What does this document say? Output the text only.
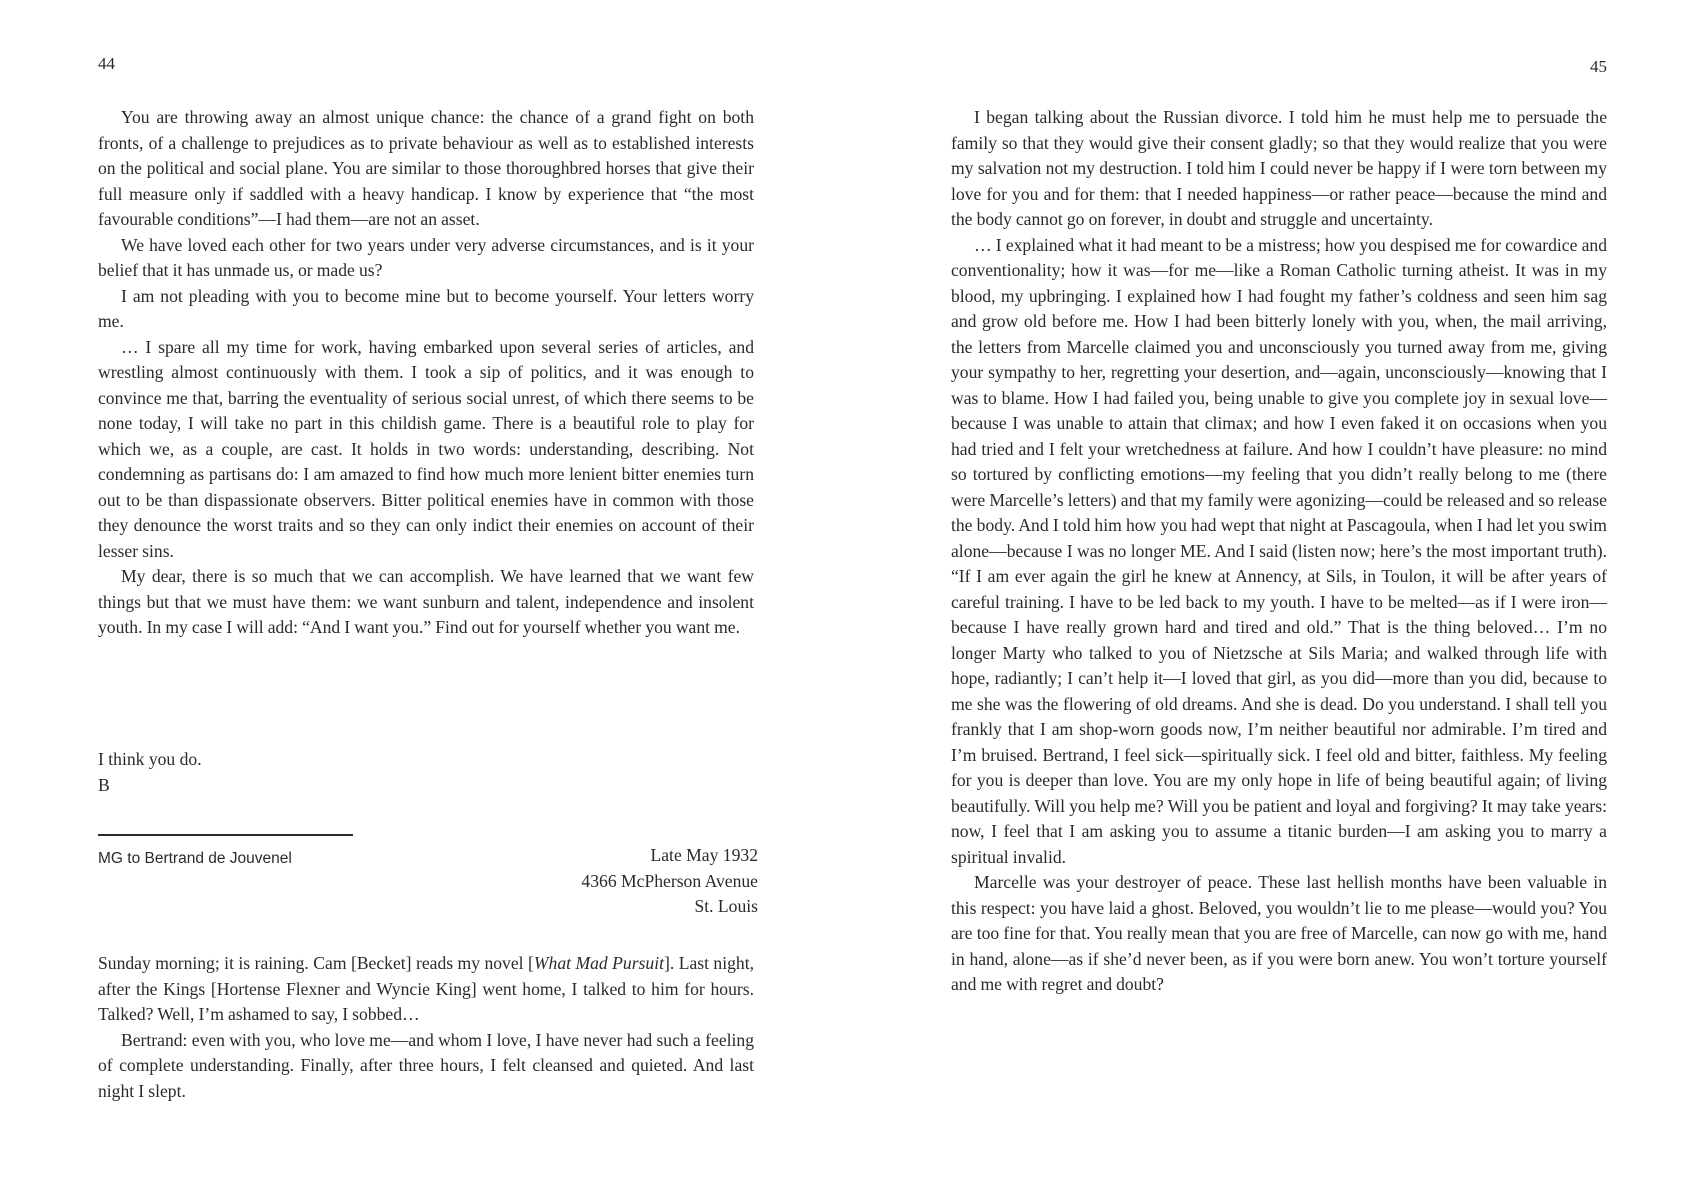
44

You are throwing away an almost unique chance: the chance of a grand fight on both fronts, of a challenge to prejudices as to private behaviour as well as to established interests on the political and social plane. You are similar to those thoroughbred horses that give their full measure only if saddled with a heavy handicap. I know by experience that “the most favourable conditions”—I had them—are not an asset.

We have loved each other for two years under very adverse circumstances, and is it your belief that it has unmade us, or made us?

I am not pleading with you to become mine but to become yourself. Your letters worry me.

… I spare all my time for work, having embarked upon several series of articles, and wrestling almost continuously with them. I took a sip of politics, and it was enough to convince me that, barring the eventuality of serious social unrest, of which there seems to be none today, I will take no part in this childish game. There is a beautiful role to play for which we, as a couple, are cast. It holds in two words: understanding, describing. Not condemning as partisans do: I am amazed to find how much more lenient bitter enemies turn out to be than dispassionate observers. Bitter political enemies have in common with those they denounce the worst traits and so they can only indict their enemies on account of their lesser sins.

My dear, there is so much that we can accomplish. We have learned that we want few things but that we must have them: we want sunburn and talent, independence and insolent youth. In my case I will add: “And I want you.” Find out for yourself whether you want me.

I think you do.
B
MG to Bertrand de Jouvenel	Late May 1932
4366 McPherson Avenue
St. Louis

Sunday morning; it is raining. Cam [Becket] reads my novel [What Mad Pursuit]. Last night, after the Kings [Hortense Flexner and Wyncie King] went home, I talked to him for hours. Talked? Well, I’m ashamed to say, I sobbed…

Bertrand: even with you, who love me—and whom I love, I have never had such a feeling of complete understanding. Finally, after three hours, I felt cleansed and quieted. And last night I slept.

45

I began talking about the Russian divorce. I told him he must help me to persuade the family so that they would give their consent gladly; so that they would realize that you were my salvation not my destruction. I told him I could never be happy if I were torn between my love for you and for them: that I needed happiness—or rather peace—because the mind and the body cannot go on forever, in doubt and struggle and uncertainty.

… I explained what it had meant to be a mistress; how you despised me for cowardice and conventionality; how it was—for me—like a Roman Catholic turning atheist. It was in my blood, my upbringing. I explained how I had fought my father’s coldness and seen him sag and grow old before me. How I had been bitterly lonely with you, when, the mail arriving, the letters from Marcelle claimed you and unconsciously you turned away from me, giving your sympathy to her, regretting your desertion, and—again, unconsciously—knowing that I was to blame. How I had failed you, being unable to give you complete joy in sexual love—because I was unable to attain that climax; and how I even faked it on occasions when you had tried and I felt your wretchedness at failure. And how I couldn’t have pleasure: no mind so tortured by conflicting emotions—my feeling that you didn’t really belong to me (there were Marcelle’s letters) and that my family were agonizing—could be released and so release the body. And I told him how you had wept that night at Pascagoula, when I had let you swim alone—because I was no longer ME. And I said (listen now; here’s the most important truth). “If I am ever again the girl he knew at Annency, at Sils, in Toulon, it will be after years of careful training. I have to be led back to my youth. I have to be melted—as if I were iron—because I have really grown hard and tired and old.” That is the thing beloved… I’m no longer Marty who talked to you of Nietzsche at Sils Maria; and walked through life with hope, radiantly; I can’t help it—I loved that girl, as you did—more than you did, because to me she was the flowering of old dreams. And she is dead. Do you understand. I shall tell you frankly that I am shop-worn goods now, I’m neither beautiful nor admirable. I’m tired and I’m bruised. Bertrand, I feel sick—spiritually sick. I feel old and bitter, faithless. My feeling for you is deeper than love. You are my only hope in life of being beautiful again; of living beautifully. Will you help me? Will you be patient and loyal and forgiving? It may take years: now, I feel that I am asking you to assume a titanic burden—I am asking you to marry a spiritual invalid.

Marcelle was your destroyer of peace. These last hellish months have been valuable in this respect: you have laid a ghost. Beloved, you wouldn’t lie to me please—would you? You are too fine for that. You really mean that you are free of Marcelle, can now go with me, hand in hand, alone—as if she’d never been, as if you were born anew. You won’t torture yourself and me with regret and doubt?
